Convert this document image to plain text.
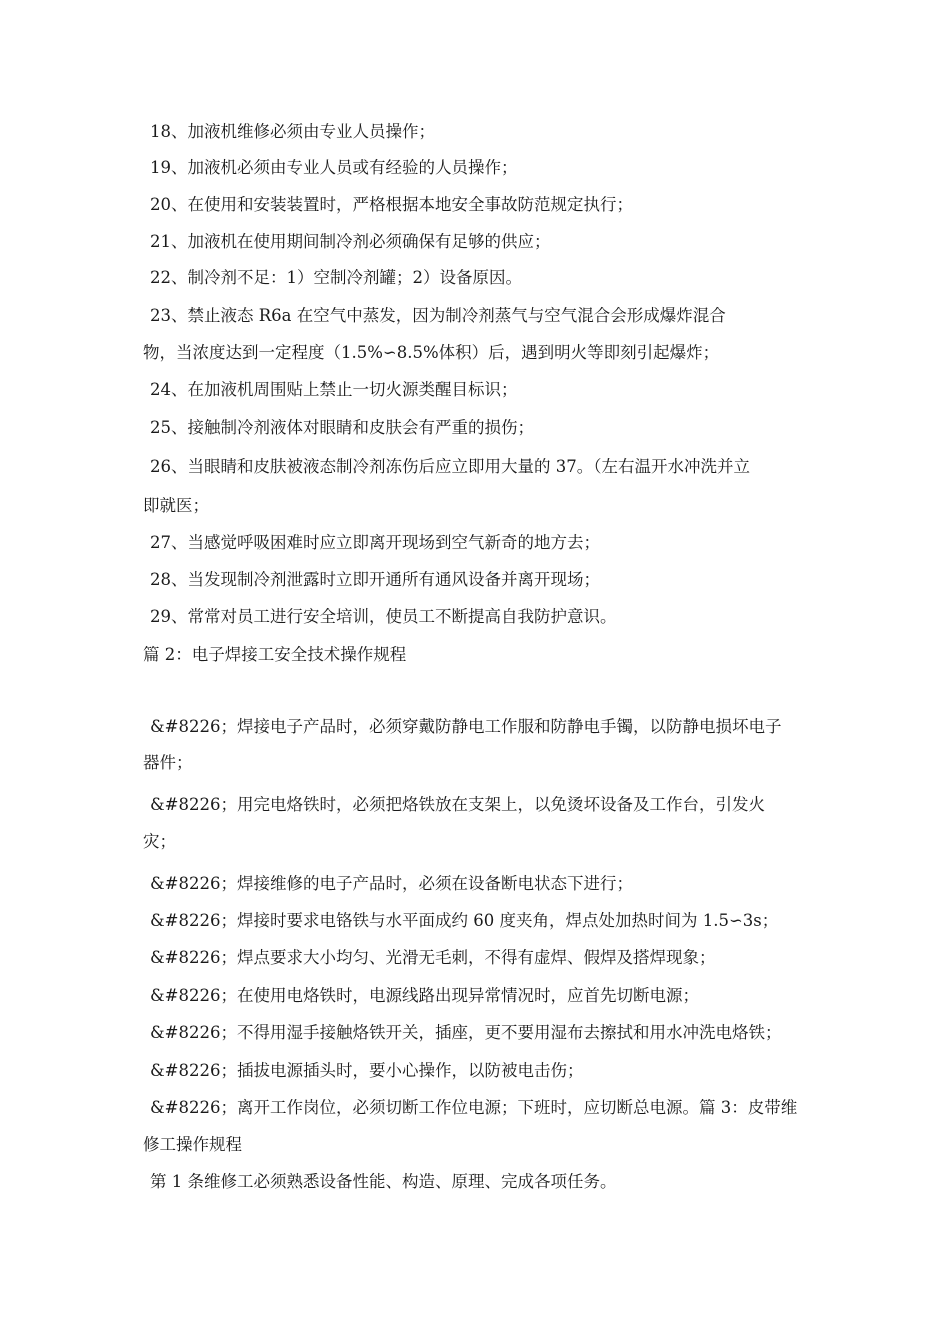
18、加液机维修必须由专业人员操作；
19、加液机必须由专业人员或有经验的人员操作；
20、在使用和安装装置时，严格根据本地安全事故防范规定执行；
21、加液机在使用期间制冷剂必须确保有足够的供应；
22、制冷剂不足：1）空制冷剂罐；2）设备原因。
23、禁止液态 R6a 在空气中蒸发，因为制冷剂蒸气与空气混合会形成爆炸混合
物，当浓度达到一定程度（1.5%∽8.5%体积）后，遇到明火等即刻引起爆炸；
24、在加液机周围贴上禁止一切火源类醒目标识；
25、接触制冷剂液体对眼睛和皮肤会有严重的损伤；
26、当眼睛和皮肤被液态制冷剂冻伤后应立即用大量的 37。（左右温开水冲洗并立
即就医；
27、当感觉呼吸困难时应立即离开现场到空气新奇的地方去；
28、当发现制冷剂泄露时立即开通所有通风设备并离开现场；
29、常常对员工进行安全培训，使员工不断提高自我防护意识。
篇 2：电子焊接工安全技术操作规程
&#8226；焊接电子产品时，必须穿戴防静电工作服和防静电手镯，以防静电损坏电子
器件；
&#8226；用完电烙铁时，必须把烙铁放在支架上，以免烫坏设备及工作台，引发火
灾；
&#8226；焊接维修的电子产品时，必须在设备断电状态下进行；
&#8226；焊接时要求电铬铁与水平面成约 60 度夹角，焊点处加热时间为 1.5∽3s；
&#8226；焊点要求大小均匀、光滑无毛刺，不得有虚焊、假焊及搭焊现象；
&#8226；在使用电烙铁时，电源线路出现异常情况时，应首先切断电源；
&#8226；不得用湿手接触烙铁开关，插座，更不要用湿布去擦拭和用水冲洗电烙铁；
&#8226；插拔电源插头时，要小心操作，以防被电击伤；
&#8226；离开工作岗位，必须切断工作位电源；下班时，应切断总电源。篇 3：皮带维
修工操作规程
第 1 条维修工必须熟悉设备性能、构造、原理、完成各项任务。
